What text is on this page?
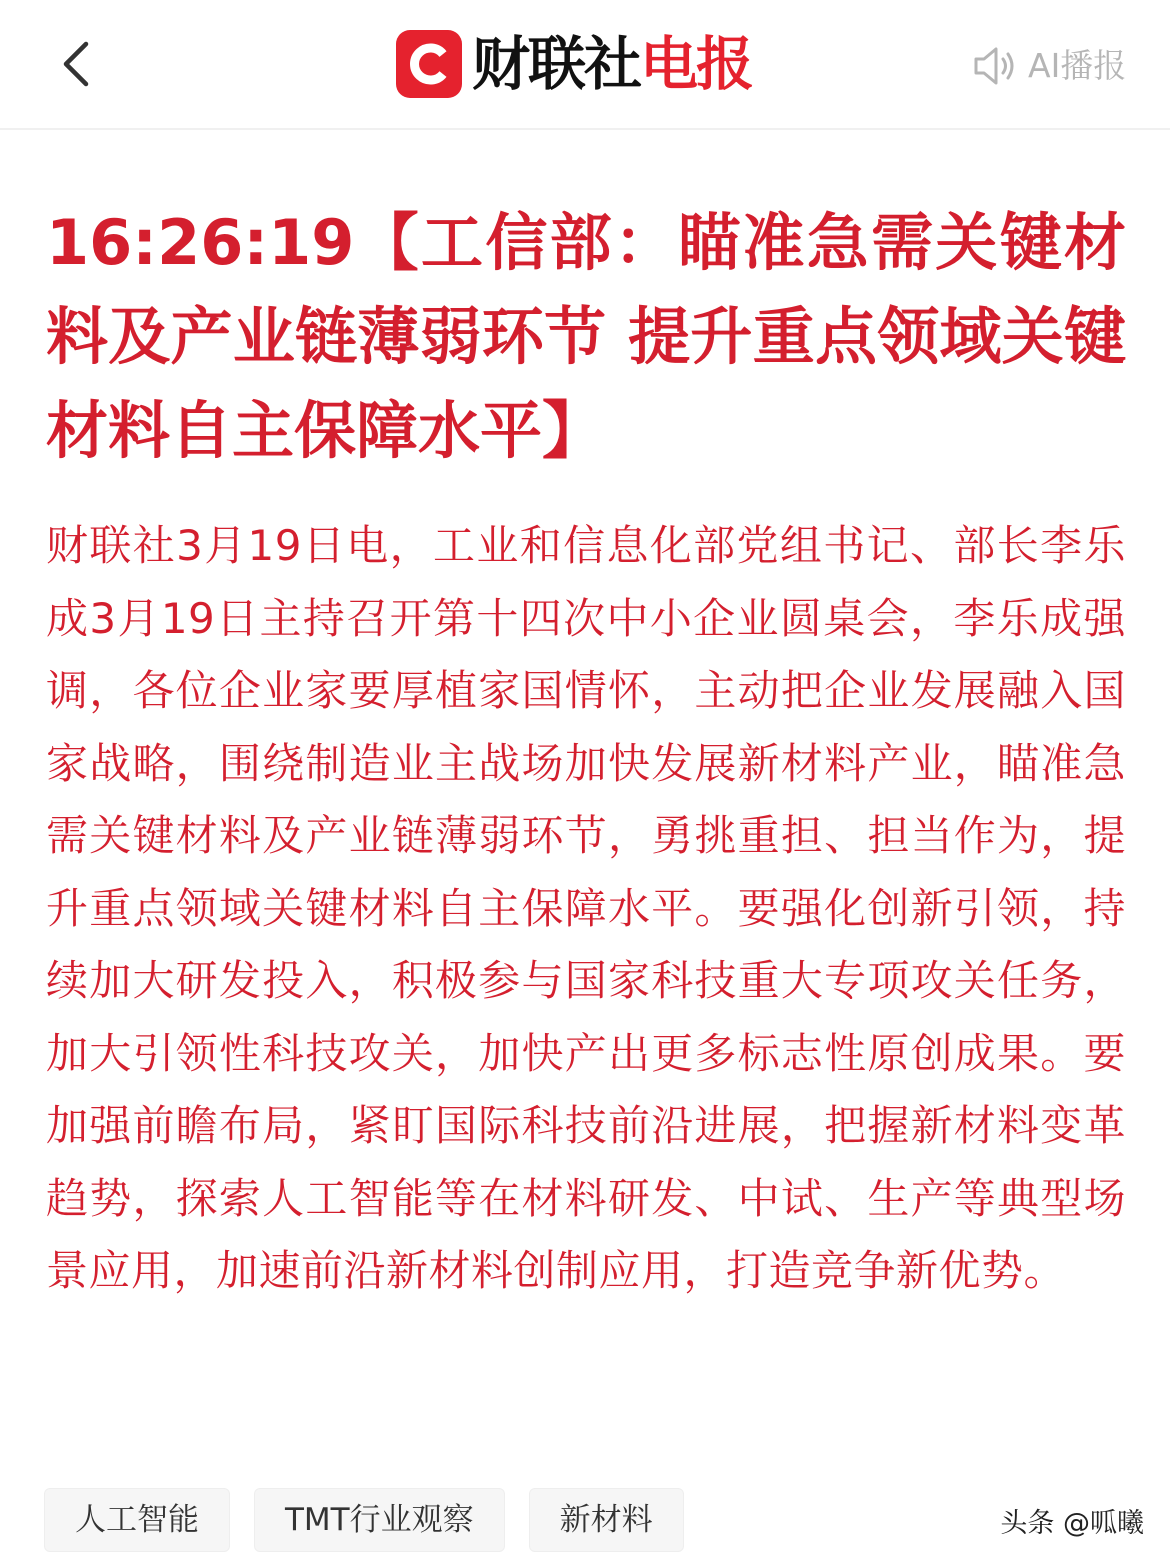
财联社 电报	AI播报
16:26:19【工信部：瞄准急需关键材料及产业链薄弱环节 提升重点领域关键材料自主保障水平】
财联社3月19日电，工业和信息化部党组书记、部长李乐成3月19日主持召开第十四次中小企业圆桌会，李乐成强调，各位企业家要厚植家国情怀，主动把企业发展融入国家战略，围绕制造业主战场加快发展新材料产业，瞄准急需关键材料及产业链薄弱环节，勇挑重担、担当作为，提升重点领域关键材料自主保障水平。要强化创新引领，持续加大研发投入，积极参与国家科技重大专项攻关任务，加大引领性科技攻关，加快产出更多标志性原创成果。要加强前瞻布局，紧盯国际科技前沿进展，把握新材料变革趋势，探索人工智能等在材料研发、中试、生产等典型场景应用，加速前沿新材料创制应用，打造竞争新优势。
人工智能	TMT行业观察	新材料	头条 @呱曦
